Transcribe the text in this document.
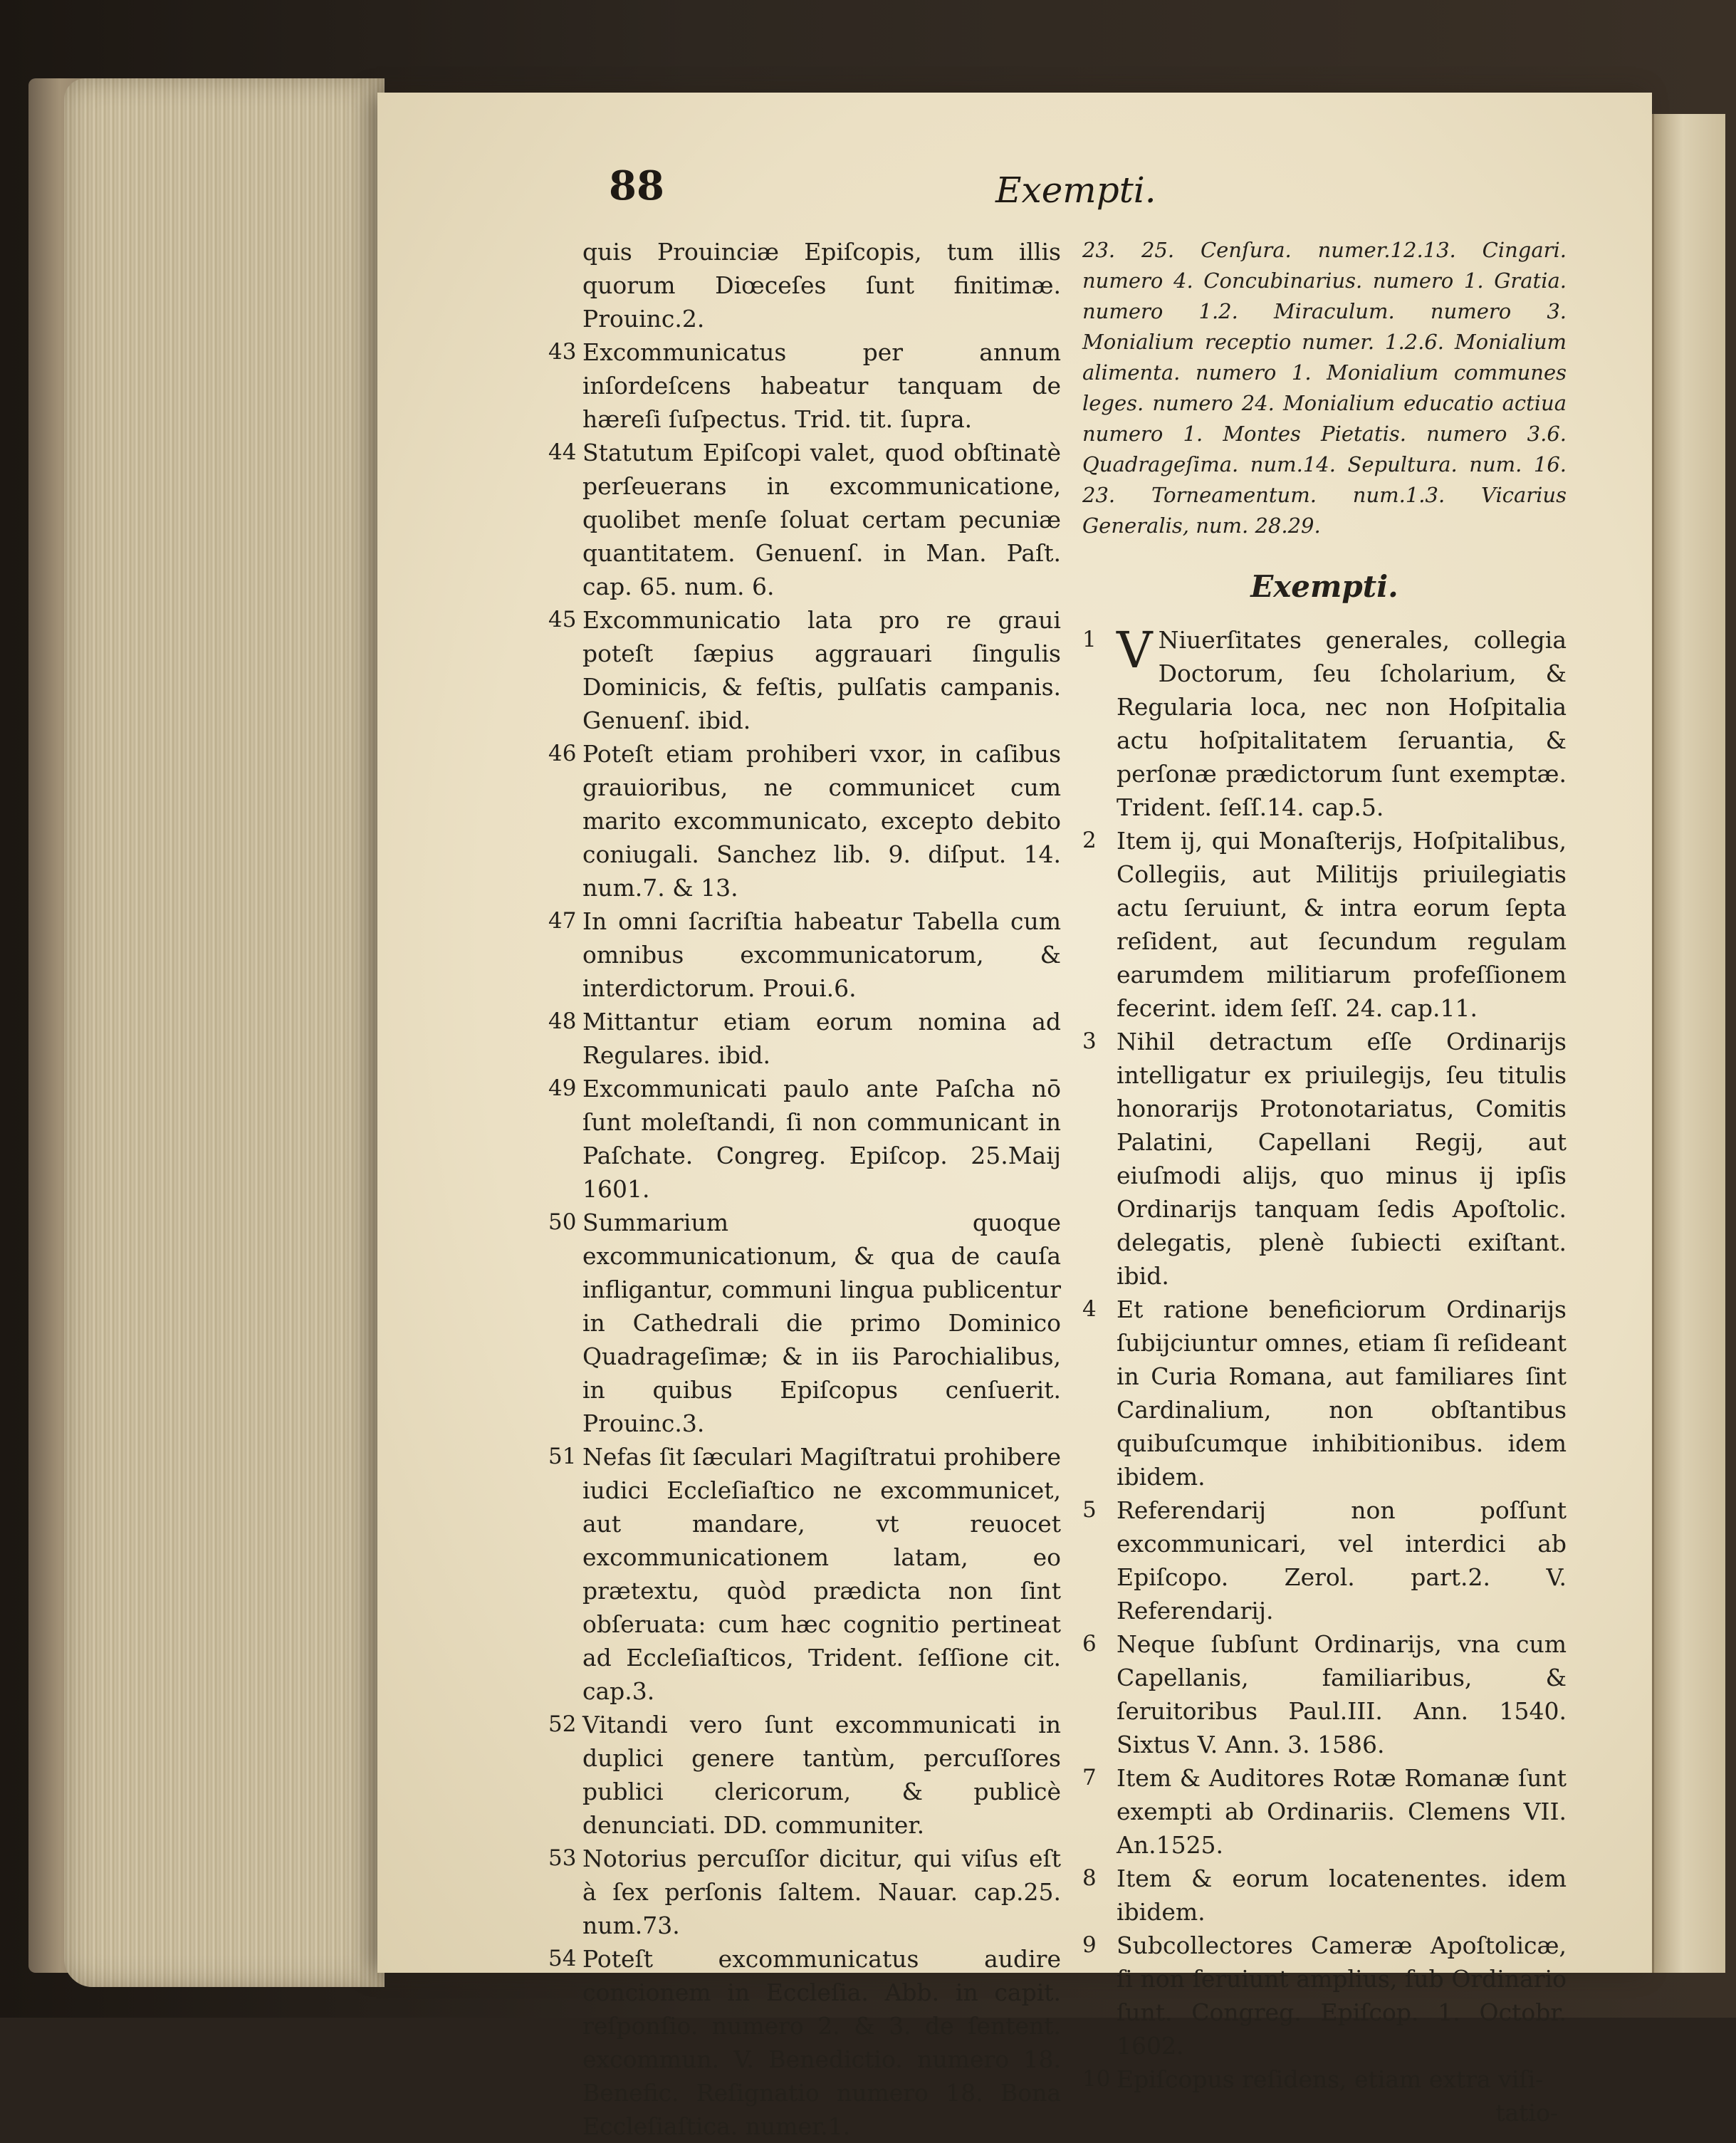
88	Exempti.

quis Prouinciæ Epiſcopis, tum illis quorum Diœceſes ſunt finitimæ. Prouinc.2.
43 Excommunicatus per annum inſordeſcens habeatur tanquam de hæreſi ſuſpectus. Trid. tit. ſupra.
44 Statutum Epiſcopi valet, quod obſtinatè perſeuerans in excommunicatione, quolibet menſe ſoluat certam pecuniæ quantitatem. Genuenſ. in Man. Paſt. cap. 65. num. 6.
45 Excommunicatio lata pro re graui poteſt ſæpius aggrauari ſingulis Dominicis, & feſtis, pulſatis campanis. Genuenſ. ibid.
46 Poteſt etiam prohiberi vxor, in caſibus grauioribus, ne communicet cum marito excommunicato, excepto debito coniugali. Sanchez lib. 9. diſput. 14. num.7. & 13.
47 In omni ſacriſtia habeatur Tabella cum omnibus excommunicatorum, & interdictorum. Proui.6.
48 Mittantur etiam eorum nomina ad Regulares. ibid.
49 Excommunicati paulo ante Paſcha nō ſunt moleſtandi, ſi non communicant in Paſchate. Congreg. Epiſcop. 25.Maij 1601.
50 Summarium quoque excommunicationum, & qua de cauſa infligantur, communi lingua publicentur in Cathedrali die primo Dominico Quadrageſimæ; & in iis Parochialibus, in quibus Epiſcopus cenſuerit. Prouinc.3.
51 Nefas ſit ſæculari Magiſtratui prohibere iudici Eccleſiaſtico ne excommunicet, aut mandare, vt reuocet excommunicationem latam, eo prætextu, quòd prædicta non ſint obſeruata: cum hæc cognitio pertineat ad Eccleſiaſticos, Trident. ſeſſione cit. cap.3.
52 Vitandi vero ſunt excommunicati in duplici genere tantùm, percuſſores publici clericorum, & publicè denunciati. DD. communiter.
53 Notorius percuſſor dicitur, qui viſus eſt à ſex perſonis ſaltem. Nauar. cap.25. num.73.
54 Poteſt excommunicatus audire concionem in Eccleſia. Abb. in capit. reſponſio. numero 2. & 3. de ſentent. excommun. V. Benedictio. numero 18. Benefic. Reſignatio numero 18. Bona Eccleſiaſtica. numer.1.
23. 25. Cenſura. numer.12.13. Cingari. numero 4. Concubinarius. numero 1. Gratia. numero 1.2. Miraculum. numero 3. Monialium receptio numer. 1.2.6. Monialium alimenta. numero 1. Monialium communes leges. numero 24. Monialium educatio actiua numero 1. Montes Pietatis. numero 3.6. Quadrageſima. num.14. Sepultura. num. 16. 23. Torneamentum. num.1.3. Vicarius Generalis, num. 28.29.
Exempti.
1 V Niuerſitates generales, collegia Doctorum, ſeu ſcholarium, & Regularia loca, nec non Hoſpitalia actu hoſpitalitatem ſeruantia, & perſonæ prædictorum ſunt exemptæ. Trident. ſeſſ.14. cap.5.
2 Item ij, qui Monaſterijs, Hoſpitalibus, Collegiis, aut Militijs priuilegiatis actu ſeruiunt, & intra eorum ſepta reſident, aut ſecundum regulam earumdem militiarum profeſſionem fecerint. idem ſeſſ. 24. cap.11.
3 Nihil detractum eſſe Ordinarijs intelligatur ex priuilegijs, ſeu titulis honorarijs Protonotariatus, Comitis Palatini, Capellani Regij, aut eiuſmodi alijs, quo minus ij ipſis Ordinarijs tanquam ſedis Apoſtolic. delegatis, plenè ſubiecti exiſtant. ibid.
4 Et ratione beneficiorum Ordinarijs ſubijciuntur omnes, etiam ſi reſideant in Curia Romana, aut familiares ſint Cardinalium, non obſtantibus quibuſcumque inhibitionibus. idem ibidem.
5 Referendarij non poſſunt excommunicari, vel interdici ab Epiſcopo. Zerol. part.2. V. Referendarij.
6 Neque ſubſunt Ordinarijs, vna cum Capellanis, familiaribus, & ſeruitoribus Paul.III. Ann. 1540. Sixtus V. Ann. 3. 1586.
7 Item & Auditores Rotæ Romanæ ſunt exempti ab Ordinariis. Clemens VII. An.1525.
8 Item & eorum locatenentes. idem ibidem.
9 Subcollectores Cameræ Apoſtolicæ, ſi non ſeruiunt amplius, ſub Ordinario ſunt. Congreg. Epiſcop. 1. Octobr. 1602.
10 Epiſcopus reſidens, etiam extra viſi-
tatio-
